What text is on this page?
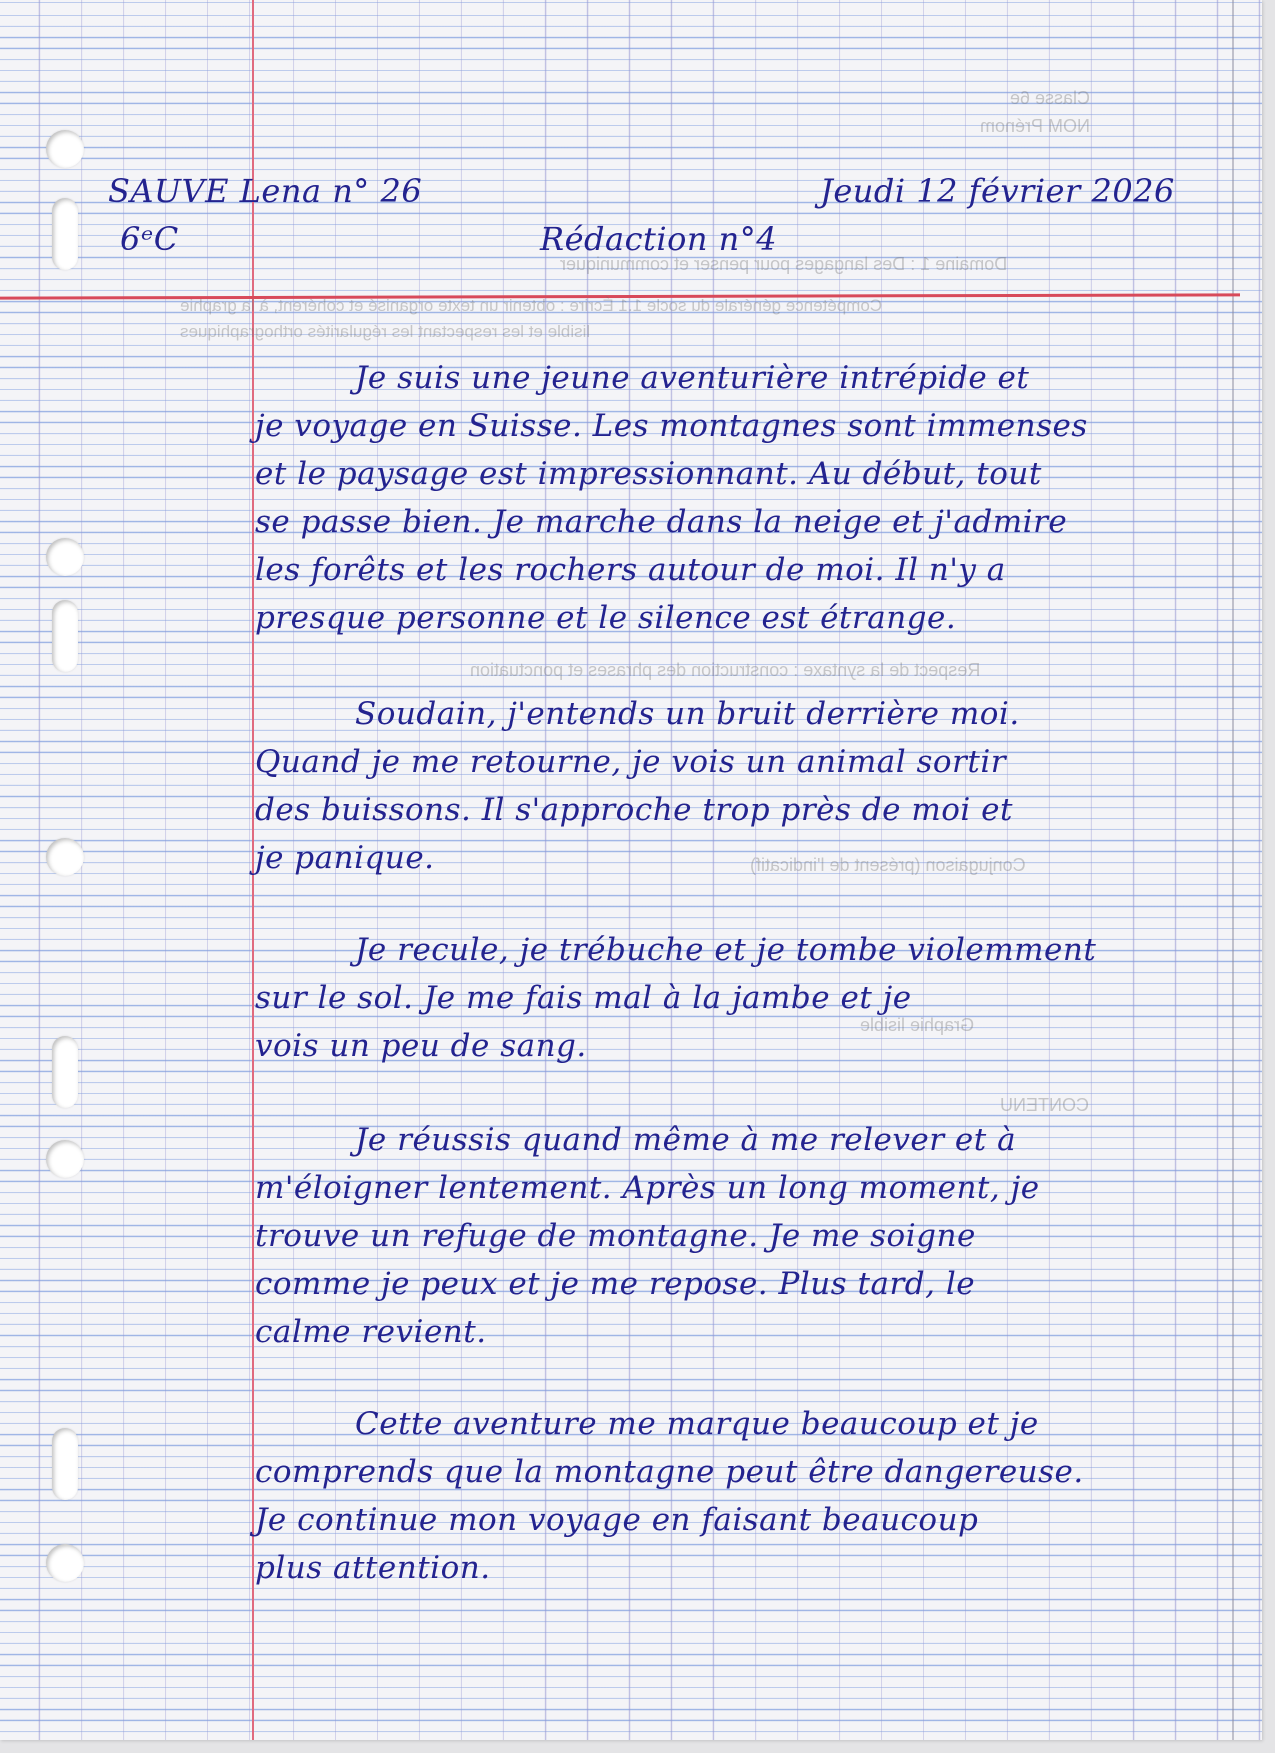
Classe 6e
NOM Prénom
Domaine 1 : Des langages pour penser et communiquer
Compétence générale du socle 1.1 Écrire : obtenir un texte organisé et cohérent, à la graphie
lisible et les respectant les régularités orthographiques
Respect de la syntaxe : construction des phrases et ponctuation
Conjugaison (présent de l'indicatif)
Graphie lisible
CONTENU
SAUVE Lena n° 26	Jeudi 12 février 2026
6ᵉC	Rédaction n°4
Je suis une jeune aventurière intrépide et
je voyage en Suisse. Les montagnes sont immenses
et le paysage est impressionnant. Au début, tout
se passe bien. Je marche dans la neige et j'admire
les forêts et les rochers autour de moi. Il n'y a
presque personne et le silence est étrange.
Soudain, j'entends un bruit derrière moi.
Quand je me retourne, je vois un animal sortir
des buissons. Il s'approche trop près de moi et
je panique.
Je recule, je trébuche et je tombe violemment
sur le sol. Je me fais mal à la jambe et je
vois un peu de sang.
Je réussis quand même à me relever et à
m'éloigner lentement. Après un long moment, je
trouve un refuge de montagne. Je me soigne
comme je peux et je me repose. Plus tard, le
calme revient.
Cette aventure me marque beaucoup et je
comprends que la montagne peut être dangereuse.
Je continue mon voyage en faisant beaucoup
plus attention.
